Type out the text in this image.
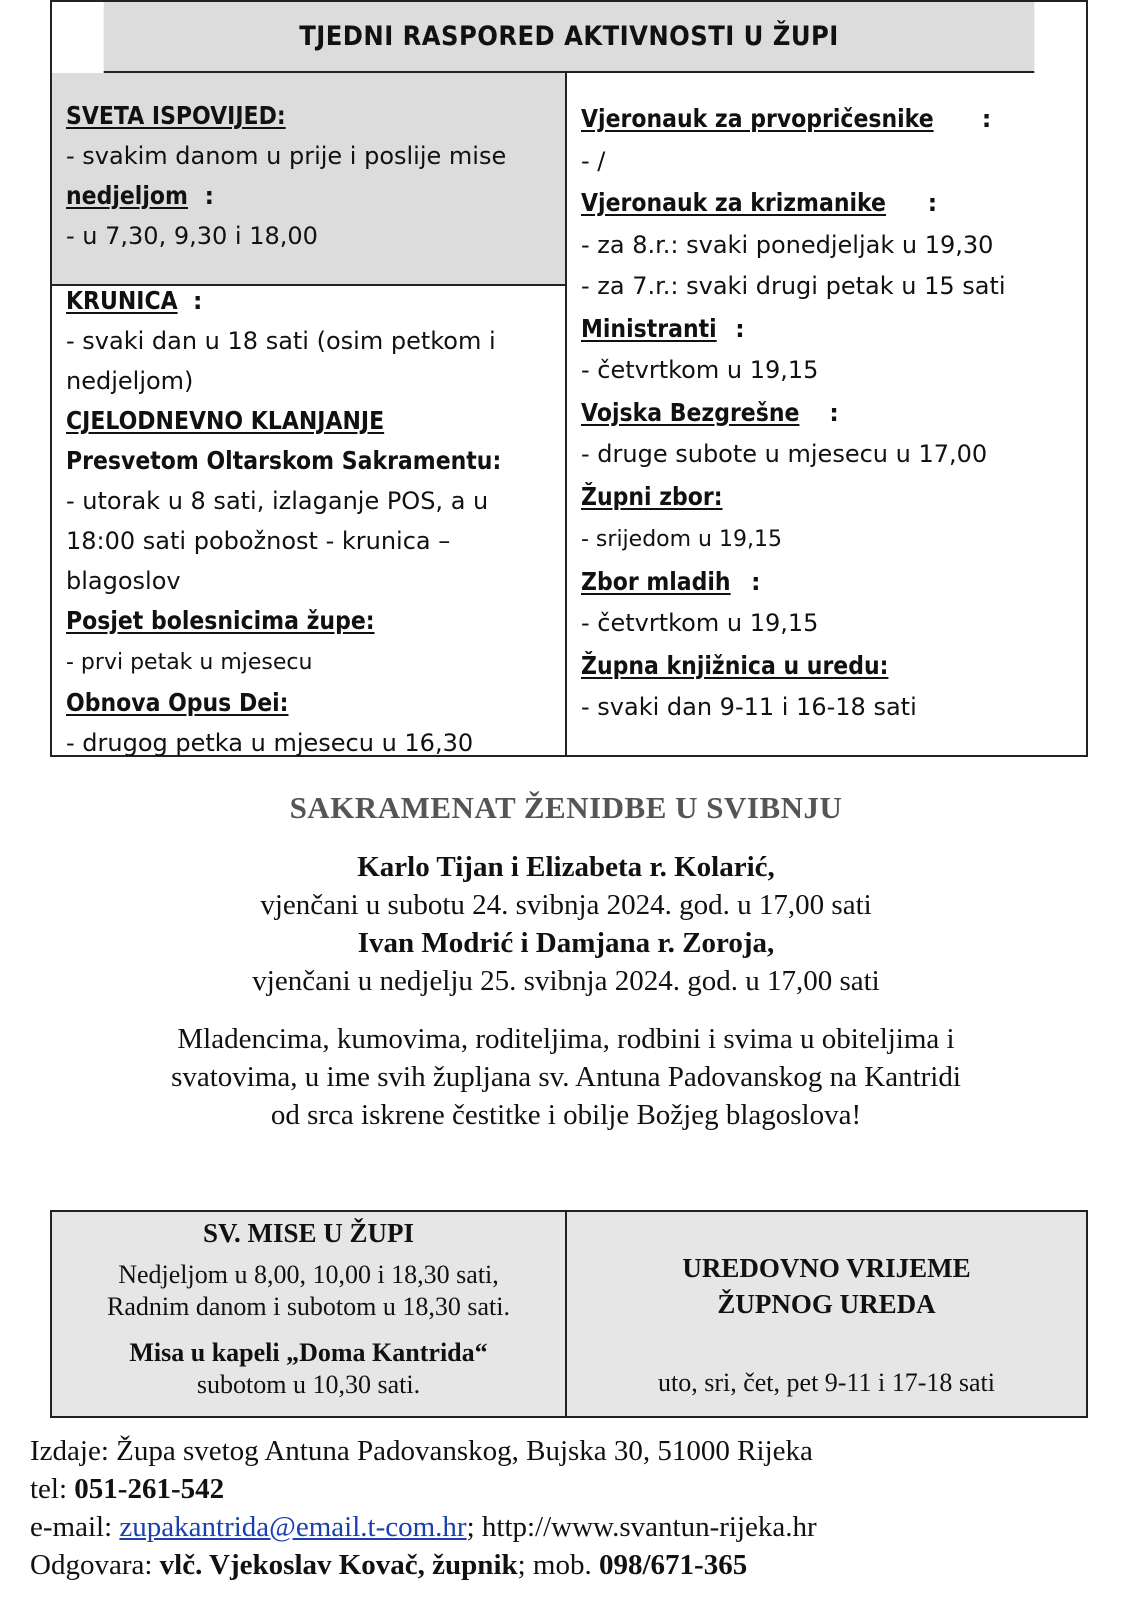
TJEDNI RASPORED AKTIVNOSTI U ŽUPI
SVETA ISPOVIJED:
- svakim danom u prije i poslije mise
nedjeljom :
- u 7,30, 9,30 i 18,00
KRUNICA :
- svaki dan u 18 sati (osim petkom i
nedjeljom)
CJELODNEVNO KLANJANJE
Presvetom Oltarskom Sakramentu:
- utorak u 8 sati, izlaganje POS, a u
18:00 sati pobožnost - krunica –
blagoslov
Posjet bolesnicima župe:
- prvi petak u mjesecu
Obnova Opus Dei:
- drugog petka u mjesecu u 16,30
Vjeronauk za prvopričesnike :
- /
Vjeronauk za krizmanike :
- za 8.r.: svaki ponedjeljak u 19,30
- za 7.r.: svaki drugi petak u 15 sati
Ministranti :
- četvrtkom u 19,15
Vojska Bezgrešne :
- druge subote u mjesecu u 17,00
Župni zbor:
- srijedom u 19,15
Zbor mladih :
- četvrtkom u 19,15
Župna knjižnica u uredu:
- svaki dan 9-11 i 16-18 sati
SAKRAMENAT ŽENIDBE U SVIBNJU
Karlo Tijan i Elizabeta r. Kolarić,
vjenčani u subotu 24. svibnja 2024. god. u 17,00 sati
Ivan Modrić i Damjana r. Zoroja,
vjenčani u nedjelju 25. svibnja 2024. god. u 17,00 sati
Mladencima, kumovima, roditeljima, rodbini i svima u obiteljima i
svatovima, u ime svih župljana sv. Antuna Padovanskog na Kantridi
od srca iskrene čestitke i obilje Božjeg blagoslova!
SV. MISE U ŽUPI
Nedjeljom u 8,00, 10,00 i 18,30 sati,
Radnim danom i subotom u 18,30 sati.
Misa u kapeli „Doma Kantrida“
subotom u 10,30 sati.
UREDOVNO VRIJEME
ŽUPNOG UREDA
uto, sri, čet, pet 9-11 i 17-18 sati
Izdaje: Župa svetog Antuna Padovanskog, Bujska 30, 51000 Rijeka
tel: 051-261-542
e-mail: zupakantrida@email.t-com.hr; http://www.svantun-rijeka.hr
Odgovara: vlč. Vjekoslav Kovač, župnik; mob. 098/671-365
